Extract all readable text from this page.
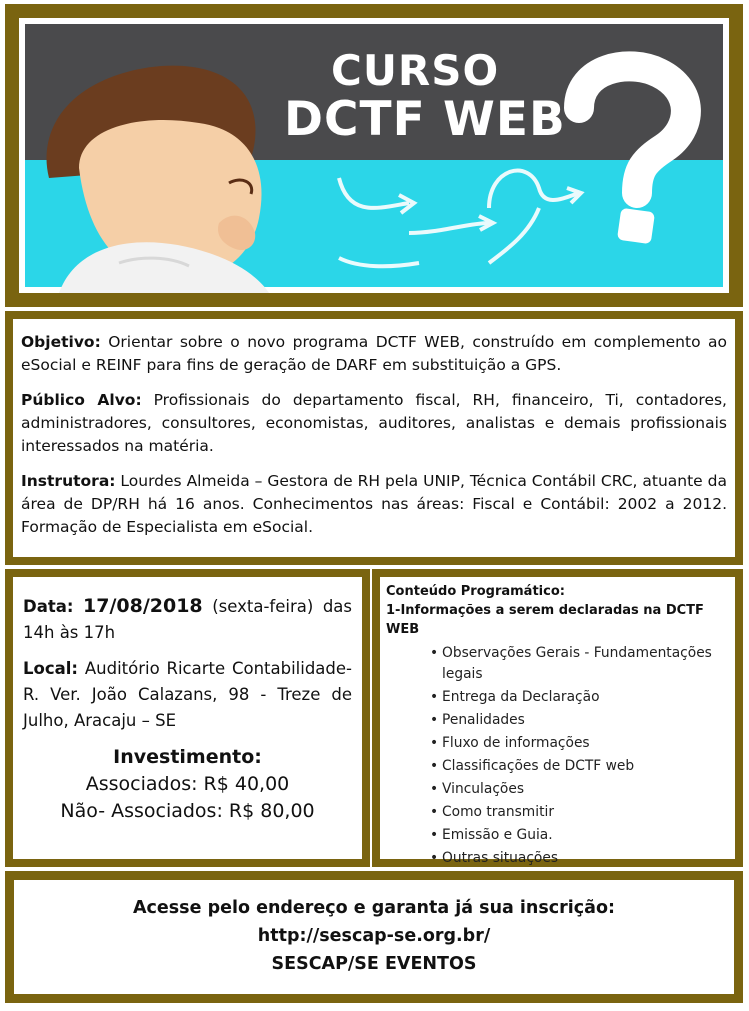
CURSO
DCTF WEB

Objetivo: Orientar sobre o novo programa DCTF WEB, construído em complemento ao eSocial e REINF para fins de geração de DARF em substituição a GPS.

Público Alvo: Profissionais do departamento fiscal, RH, financeiro, Ti, contadores, administradores, consultores, economistas, auditores, analistas e demais profissionais interessados na matéria.

Instrutora: Lourdes Almeida – Gestora de RH pela UNIP, Técnica Contábil CRC, atuante da área de DP/RH há 16 anos. Conhecimentos nas áreas: Fiscal e Contábil: 2002 a 2012. Formação de Especialista em eSocial.

Data: 17/08/2018 (sexta-feira) das 14h às 17h

Local: Auditório Ricarte Contabilidade- R. Ver. João Calazans, 98 - Treze de Julho, Aracaju – SE

Investimento:
Associados: R$ 40,00
Não- Associados: R$ 80,00
Conteúdo Programático:
1-Informações a serem declaradas na DCTF WEB
• Observações Gerais - Fundamentações legais
• Entrega da Declaração
• Penalidades
• Fluxo de informações
• Classificações de DCTF web
• Vinculações
• Como transmitir
• Emissão e Guia.
• Outras situações
Acesse pelo endereço e garanta já sua inscrição:
http://sescap-se.org.br/
SESCAP/SE EVENTOS
